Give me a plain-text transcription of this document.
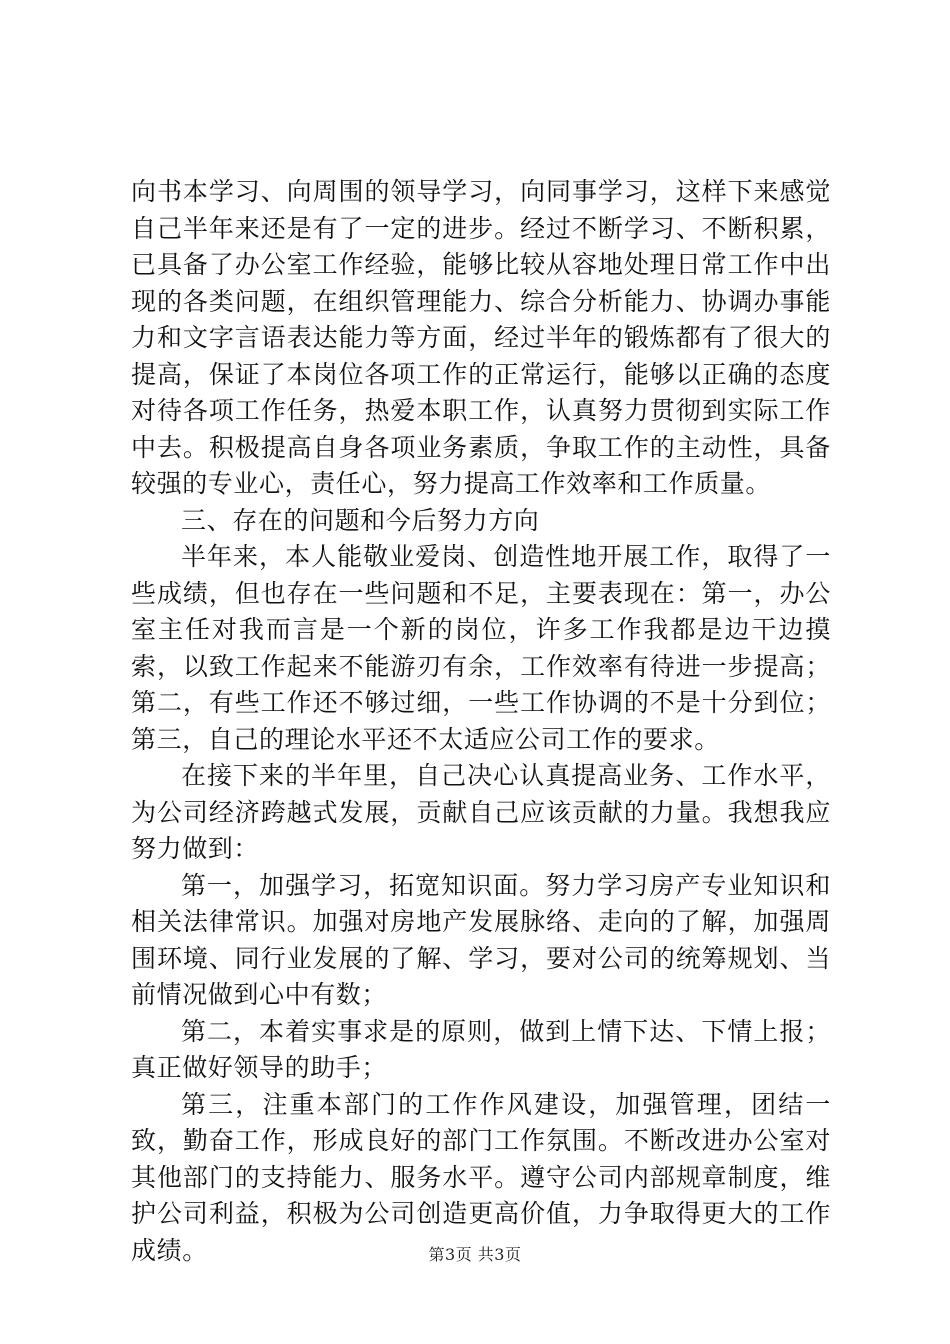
向书本学习、向周围的领导学习，向同事学习，这样下来感觉自己半年来还是有了一定的进步。经过不断学习、不断积累，已具备了办公室工作经验，能够比较从容地处理日常工作中出现的各类问题，在组织管理能力、综合分析能力、协调办事能力和文字言语表达能力等方面，经过半年的锻炼都有了很大的提高，保证了本岗位各项工作的正常运行，能够以正确的态度对待各项工作任务，热爱本职工作，认真努力贯彻到实际工作中去。积极提高自身各项业务素质，争取工作的主动性，具备较强的专业心，责任心，努力提高工作效率和工作质量。

三、存在的问题和今后努力方向

半年来，本人能敬业爱岗、创造性地开展工作，取得了一些成绩，但也存在一些问题和不足，主要表现在：第一，办公室主任对我而言是一个新的岗位，许多工作我都是边干边摸索，以致工作起来不能游刃有余，工作效率有待进一步提高；第二，有些工作还不够过细，一些工作协调的不是十分到位；第三，自己的理论水平还不太适应公司工作的要求。

在接下来的半年里，自己决心认真提高业务、工作水平，为公司经济跨越式发展，贡献自己应该贡献的力量。我想我应努力做到：

第一，加强学习，拓宽知识面。努力学习房产专业知识和相关法律常识。加强对房地产发展脉络、走向的了解，加强周围环境、同行业发展的了解、学习，要对公司的统筹规划、当前情况做到心中有数；

第二，本着实事求是的原则，做到上情下达、下情上报；真正做好领导的助手；

第三，注重本部门的工作作风建设，加强管理，团结一致，勤奋工作，形成良好的部门工作氛围。不断改进办公室对其他部门的支持能力、服务水平。遵守公司内部规章制度，维护公司利益，积极为公司创造更高价值，力争取得更大的工作成绩。	第3页 共3页
